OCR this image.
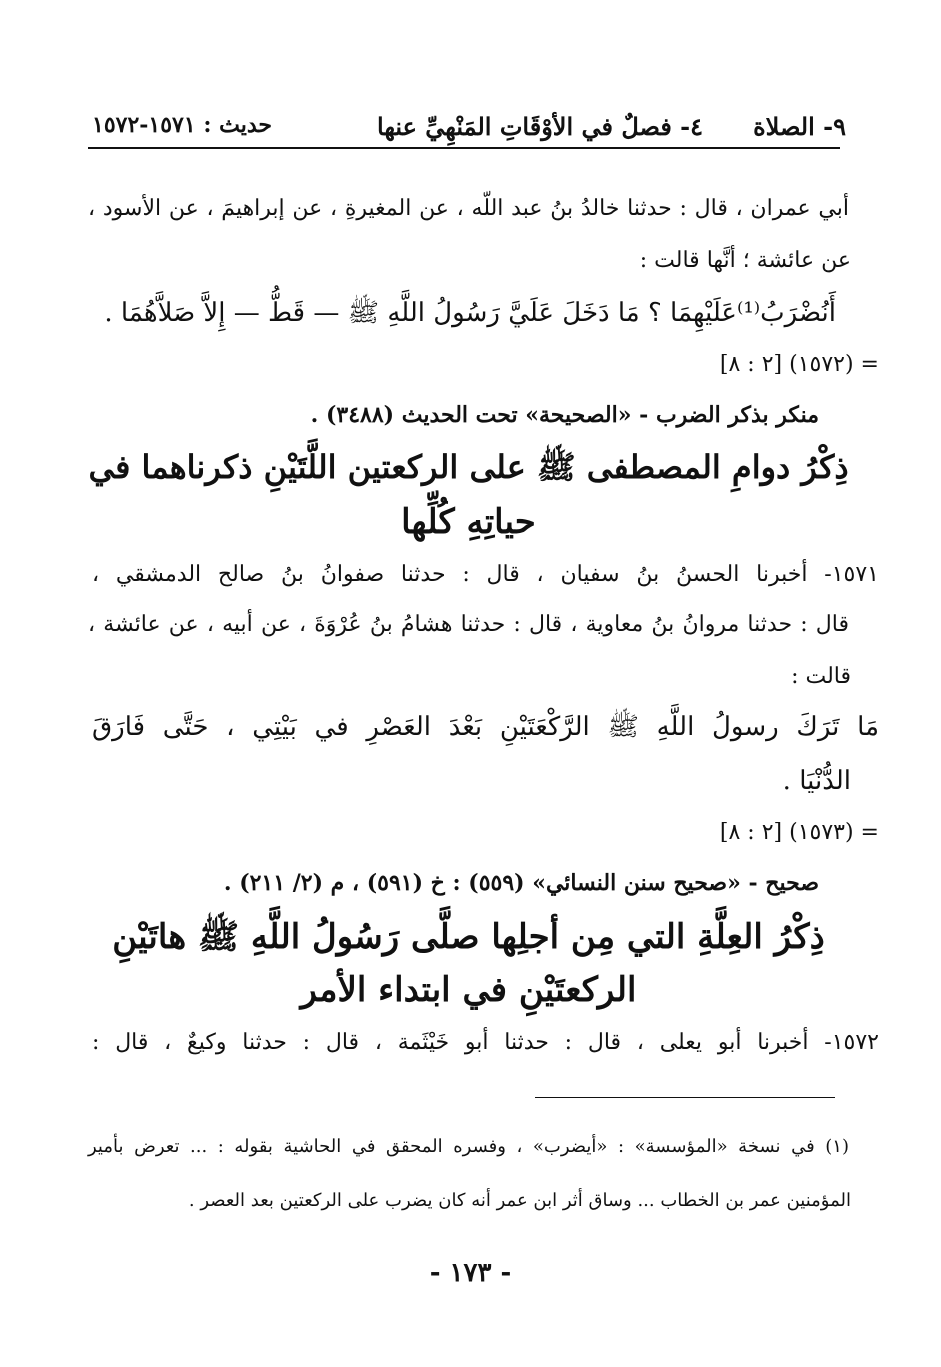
٩- الصلاة
٤- فصلٌ في الأوْقَاتِ المَنْهِيِّ عنها
حديث : ١٥٧١-١٥٧٢
أبي عمران ، قال : حدثنا خالدُ بنُ عبد اللّه ، عن المغيرةِ ، عن إبراهيمَ ، عن الأسود ،
عن عائشة ؛ أنَّها قالت :
أَنُضْرَبُ⁽¹⁾عَلَيْهِمَا ؟ مَا دَخَلَ عَلَيَّ رَسُولُ اللَّهِ ﷺ — قَطُّ — إِلاَّ صَلاَّهُمَا .
= (١٥٧٢) [٢ : ٨]
منكر بذكر الضرب - «الصحيحة» تحت الحديث (٣٤٨٨) .
ذِكْرُ دوامِ المصطفى ﷺ على الركعتين اللَّتَيْنِ ذكرناهما في
حياتِهِ كُلِّها
١٥٧١- أخبرنا الحسنُ بنُ سفيان ، قال : حدثنا صفوانُ بنُ صالح الدمشقي ،
قال : حدثنا مروانُ بنُ معاوية ، قال : حدثنا هشامُ بنُ عُرْوَةَ ، عن أبيه ، عن عائشة ،
قالت :
مَا تَرَكَ رسولُ اللَّهِ ﷺ الرَّكْعَتَيْنِ بَعْدَ العَصْرِ في بَيْتِي ، حَتَّى فَارَقَ
الدُّنْيَا .
= (١٥٧٣) [٢ : ٨]
صحيح - «صحيح سنن النسائي» (٥٥٩) : خ (٥٩١) ، م (٢/ ٢١١) .
ذِكْرُ العِلَّةِ التي مِن أجلِها صلَّى رَسُولُ اللَّهِ ﷺ هاتَيْنِ
الركعتَيْنِ في ابتداء الأمر
١٥٧٢- أخبرنا أبو يعلى ، قال : حدثنا أبو خَيْثَمة ، قال : حدثنا وكيعٌ ، قال :
(١) في نسخة «المؤسسة» : «أيضرب» ، وفسره المحقق في الحاشية بقوله : ... تعرض بأمير
المؤمنين عمر بن الخطاب ... وساق أثر ابن عمر أنه كان يضرب على الركعتين بعد العصر .
- ١٧٣ -
